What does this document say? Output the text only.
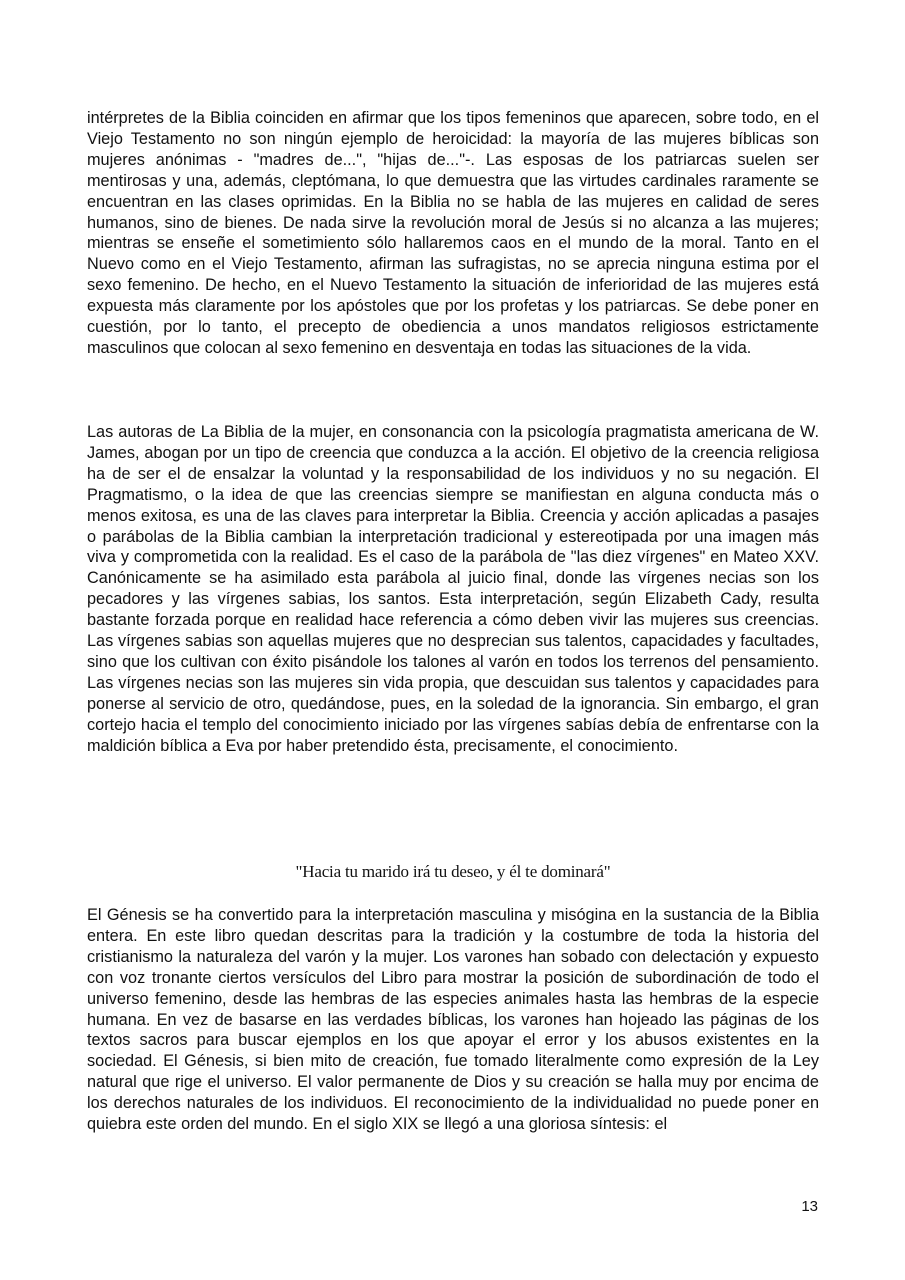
intérpretes de la Biblia coinciden en afirmar que los tipos femeninos que aparecen, sobre todo, en el Viejo Testamento no son ningún ejemplo de heroicidad: la mayoría de las mujeres bíblicas son mujeres anónimas - "madres de...", "hijas de..."-. Las esposas de los patriarcas suelen ser mentirosas y una, además, cleptómana, lo que demuestra que las virtudes cardinales raramente se encuentran en las clases oprimidas. En la Biblia no se habla de las mujeres en calidad de seres humanos, sino de bienes. De nada sirve la revolución moral de Jesús si no alcanza a las mujeres; mientras se enseñe el sometimiento sólo hallaremos caos en el mundo de la moral. Tanto en el Nuevo como en el Viejo Testamento, afirman las sufragistas, no se aprecia ninguna estima por el sexo femenino. De hecho, en el Nuevo Testamento la situación de inferioridad de las mujeres está expuesta más claramente por los apóstoles que por los profetas y los patriarcas. Se debe poner en cuestión, por lo tanto, el precepto de obediencia a unos mandatos religiosos estrictamente masculinos que colocan al sexo femenino en desventaja en todas las situaciones de la vida.

Las autoras de La Biblia de la mujer, en consonancia con la psicología pragmatista americana de W. James, abogan por un tipo de creencia que conduzca a la acción. El objetivo de la creencia religiosa ha de ser el de ensalzar la voluntad y la responsabilidad de los individuos y no su negación. El Pragmatismo, o la idea de que las creencias siempre se manifiestan en alguna conducta más o menos exitosa, es una de las claves para interpretar la Biblia. Creencia y acción aplicadas a pasajes o parábolas de la Biblia cambian la interpretación tradicional y estereotipada por una imagen más viva y comprometida con la realidad. Es el caso de la parábola de "las diez vírgenes" en Mateo XXV. Canónicamente se ha asimilado esta parábola al juicio final, donde las vírgenes necias son los pecadores y las vírgenes sabias, los santos. Esta interpretación, según Elizabeth Cady, resulta bastante forzada porque en realidad hace referencia a cómo deben vivir las mujeres sus creencias. Las vírgenes sabias son aquellas mujeres que no desprecian sus talentos, capacidades y facultades, sino que los cultivan con éxito pisándole los talones al varón en todos los terrenos del pensamiento. Las vírgenes necias son las mujeres sin vida propia, que descuidan sus talentos y capacidades para ponerse al servicio de otro, quedándose, pues, en la soledad de la ignorancia. Sin embargo, el gran cortejo hacia el templo del conocimiento iniciado por las vírgenes sabías debía de enfrentarse con la maldición bíblica a Eva por haber pretendido ésta, precisamente, el conocimiento.

"Hacia tu marido irá tu deseo, y él te dominará"

El Génesis se ha convertido para la interpretación masculina y misógina en la sustancia de la Biblia entera. En este libro quedan descritas para la tradición y la costumbre de toda la historia del cristianismo la naturaleza del varón y la mujer. Los varones han sobado con delectación y expuesto con voz tronante ciertos versículos del Libro para mostrar la posición de subordinación de todo el universo femenino, desde las hembras de las especies animales hasta las hembras de la especie humana. En vez de basarse en las verdades bíblicas, los varones han hojeado las páginas de los textos sacros para buscar ejemplos en los que apoyar el error y los abusos existentes en la sociedad. El Génesis, si bien mito de creación, fue tomado literalmente como expresión de la Ley natural que rige el universo. El valor permanente de Dios y su creación se halla muy por encima de los derechos naturales de los individuos. El reconocimiento de la individualidad no puede poner en quiebra este orden del mundo. En el siglo XIX se llegó a una gloriosa síntesis: el

13
